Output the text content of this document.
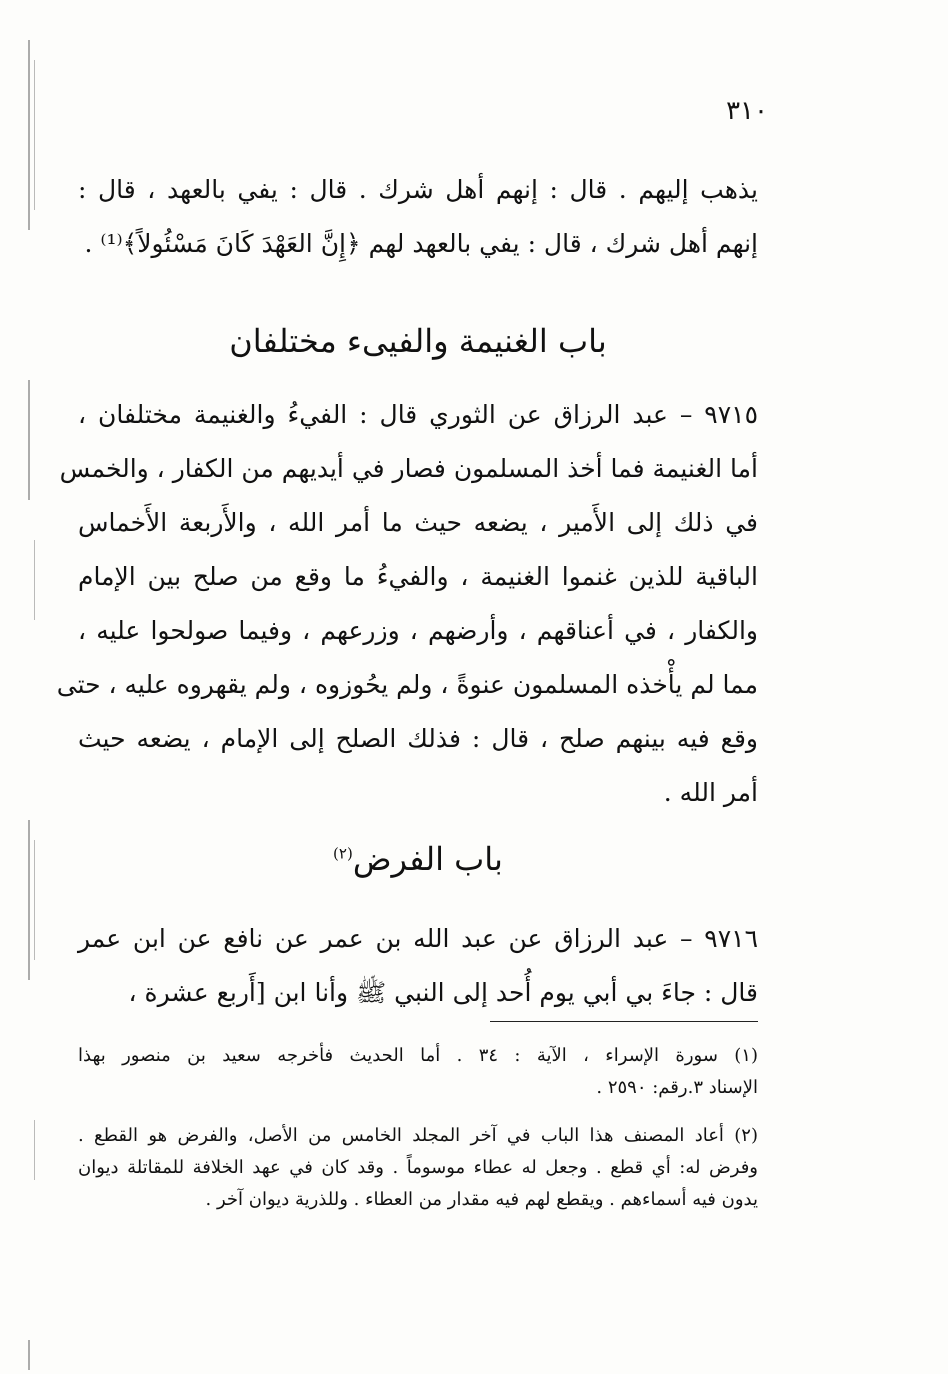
٣١٠
يذهب إليهم . قال : إنهم أهل شرك . قال : يفي بالعهد ، قال :
إنهم أهل شرك ، قال : يفي بالعهد لهم ﴿إِنَّ العَهْدَ كَانَ مَسْئُولاً﴾⁽¹⁾ .
باب الغنيمة والفيىء مختلفان
٩٧١٥ – عبد الرزاق عن الثوري قال : الفيءُ والغنيمة مختلفان ،
أما الغنيمة فما أخذ المسلمون فصار في أيديهم من الكفار ، والخمس
في ذلك إلى الأَمير ، يضعه حيث ما أمر الله ، والأَربعة الأَخماس
الباقية للذين غنموا الغنيمة ، والفيءُ ما وقع من صلح بين الإمام
والكفار ، في أعناقهم ، وأرضهم ، وزرعهم ، وفيما صولحوا عليه ،
مما لم يأْخذه المسلمون عنوةً ، ولم يحُوزوه ، ولم يقهروه عليه ، حتى
وقع فيه بينهم صلح ، قال : فذلك الصلح إلى الإمام ، يضعه حيث
أمر الله .
باب الفرض$^{(٢)}$
٩٧١٦ – عبد الرزاق عن عبد الله بن عمر عن نافع عن ابن عمر
قال : جاءَ بي أبي يوم أُحد إلى النبي ﷺ وأنا ابن [أَربع عشرة ،
(١) سورة الإسراء ، الآية : ٣٤ . أما الحديث فأخرجه سعيد بن منصور بهذا
الإسناد ٣.رقم: ٢٥٩٠ .
(٢) أعاد المصنف هذا الباب في آخر المجلد الخامس من الأصل، والفرض هو القطع .
وفرض له: أي قطع . وجعل له عطاء موسوماً . وقد كان في عهد الخلافة للمقاتلة ديوان
يدون فيه أسماءهم . ويقطع لهم فيه مقدار من العطاء . وللذرية ديوان آخر .
